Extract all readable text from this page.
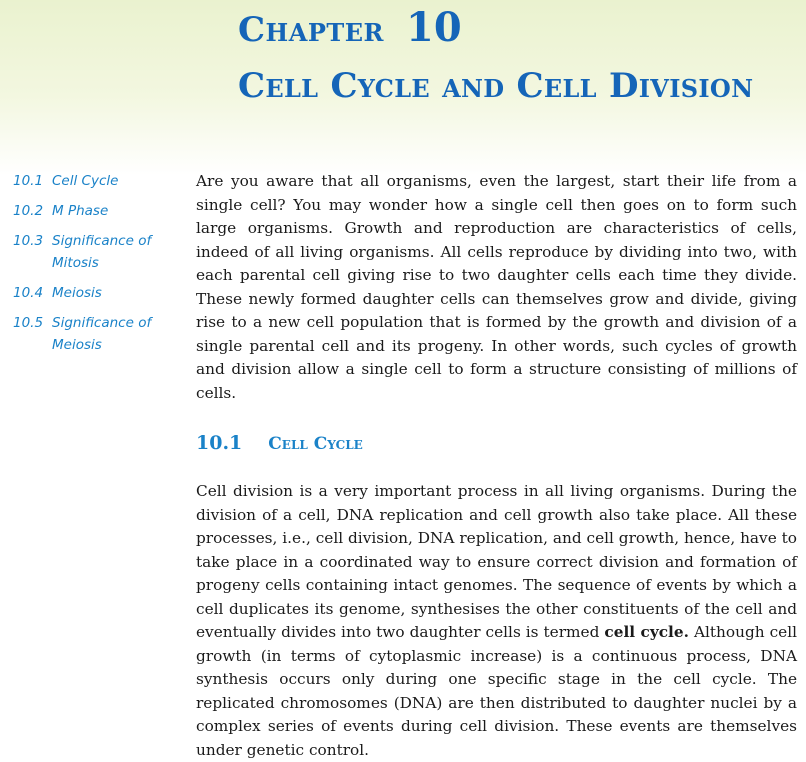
Chapter 10
Cell Cycle and Cell Division
10.1 Cell Cycle
10.2 M Phase
10.3 Significance of Mitosis
10.4 Meiosis
10.5 Significance of Meiosis

Are you aware that all organisms, even the largest, start their life from a single cell? You may wonder how a single cell then goes on to form such large organisms. Growth and reproduction are characteristics of cells, indeed of all living organisms. All cells reproduce by dividing into two, with each parental cell giving rise to two daughter cells each time they divide. These newly formed daughter cells can themselves grow and divide, giving rise to a new cell population that is formed by the growth and division of a single parental cell and its progeny. In other words, such cycles of growth and division allow a single cell to form a structure consisting of millions of cells.

10.1 Cell Cycle

Cell division is a very important process in all living organisms. During the division of a cell, DNA replication and cell growth also take place. All these processes, i.e., cell division, DNA replication, and cell growth, hence, have to take place in a coordinated way to ensure correct division and formation of progeny cells containing intact genomes. The sequence of events by which a cell duplicates its genome, synthesises the other constituents of the cell and eventually divides into two daughter cells is termed cell cycle. Although cell growth (in terms of cytoplasmic increase) is a continuous process, DNA synthesis occurs only during one specific stage in the cell cycle. The replicated chromosomes (DNA) are then distributed to daughter nuclei by a complex series of events during cell division. These events are themselves under genetic control.
